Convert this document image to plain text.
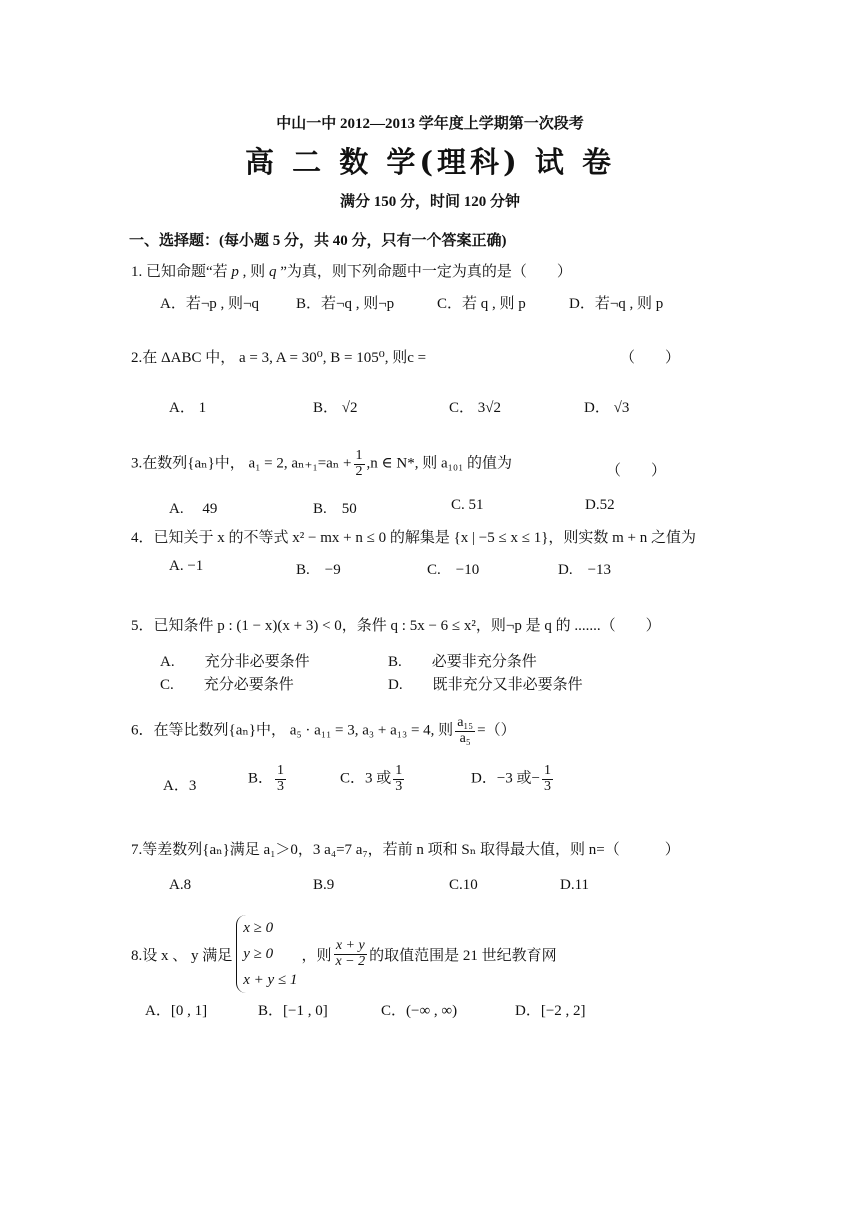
中山一中 2012—2013 学年度上学期第一次段考
高 二 数 学(理科) 试 卷
满分 150 分，时间 120 分钟
一、选择题：(每小题 5 分，共 40 分，只有一个答案正确)
1. 已知命题“若 p , 则 q ”为真，则下列命题中一定为真的是（　　）
A．若¬p , 则¬q B．若¬q , 则¬p	C．若 q , 则 p	D．若¬q , 则 p
2.在 ΔABC 中， a = 3, A = 30⁰, B = 105⁰, 则c =	（　　）
A． 1	B． √2	C． 3√2	D． √3
3.在数列{aₙ}中， a₁ = 2, $a_{n+1}=a_n + \frac{1}{2} ,n$ ∈ N*, 则 a₁₀₁ 的值为	（　　）
A.　 49	B.　50	C. 51	D.52
4．已知关于 x 的不等式 x² − mx + n ≤ 0 的解集是 {x | −5 ≤ x ≤ 1}，则实数 m + n 之值为
A. −1	B.　−9	C.　−10	D.　−13
5．已知条件 p : (1 − x)(x + 3) < 0，条件 q : 5x − 6 ≤ x²，则¬p 是 q 的 .......（　　）
A.　　充分非必要条件	B.　　必要非充分条件
C.　　充分必要条件	D.　　既非充分又非必要条件
6．在等比数列{aₙ}中， a₅ · a₁₁ = 3, a₃ + a₁₃ = 4, 则 $\frac{\text{a₁₅}}{\text{a₅}}$ =（）
A．3	B． $\frac{1}{3}$	C．3 或 $\frac{1}{3}$	D．−3 或− $\frac{1}{3}$
7.等差数列{aₙ}满足 a₁＞0，3 a₄=7 a₇，若前 n 项和 Sₙ 取得最大值，则 n=（　　　）
A.8	B.9	C.10	D.11
8.设 x 、 y 满足
x ≥ 0
y ≥ 0
x + y ≤ 1
，则 $\frac{x + y}{x - 2}$ 的取值范围是 21 世纪教育网
A．[0 , 1]	B．[−1 , 0]	C．(−∞ , ∞)	D．[−2 , 2]
